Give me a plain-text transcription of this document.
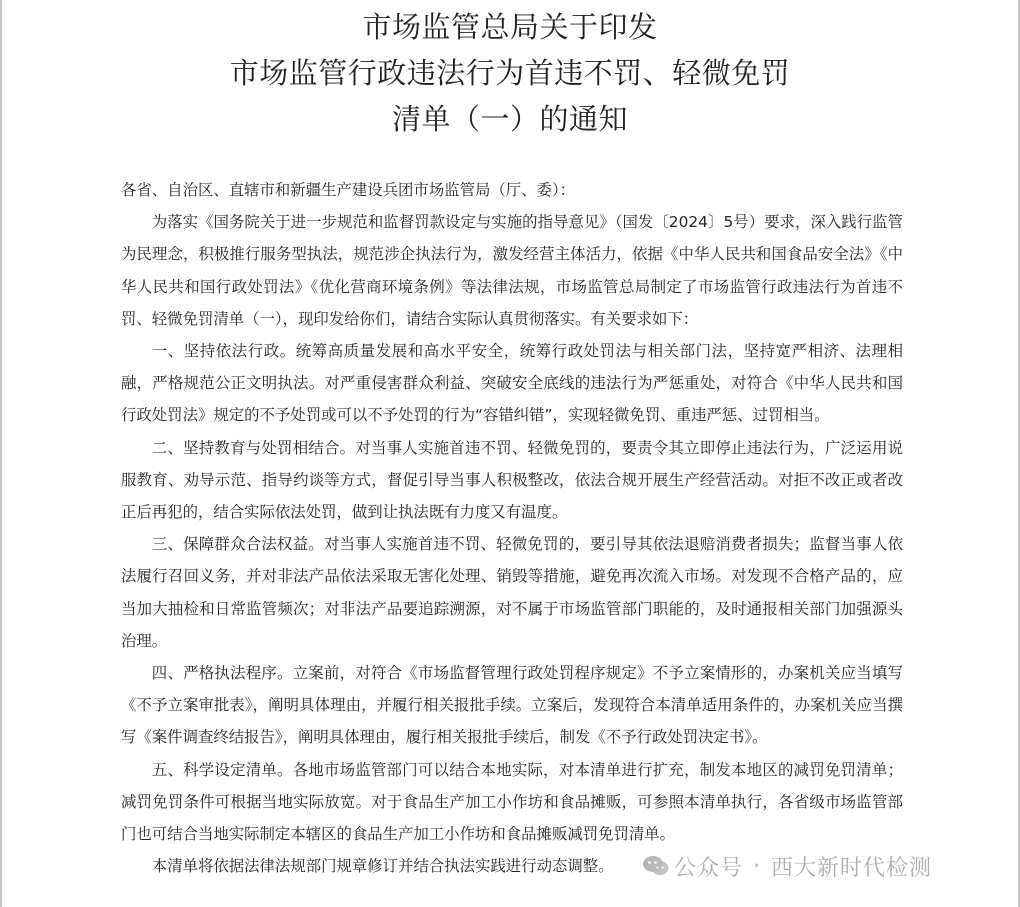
市场监管总局关于印发
市场监管行政违法行为首违不罚、轻微免罚
清单（一）的通知

各省、自治区、直辖市和新疆生产建设兵团市场监管局（厅、委）：

为落实《国务院关于进一步规范和监督罚款设定与实施的指导意见》（国发〔2024〕5号）要求，深入践行监管为民理念，积极推行服务型执法，规范涉企执法行为，激发经营主体活力，依据《中华人民共和国食品安全法》《中华人民共和国行政处罚法》《优化营商环境条例》等法律法规，市场监管总局制定了市场监管行政违法行为首违不罚、轻微免罚清单（一），现印发给你们，请结合实际认真贯彻落实。有关要求如下：

一、坚持依法行政。统筹高质量发展和高水平安全，统筹行政处罚法与相关部门法，坚持宽严相济、法理相融，严格规范公正文明执法。对严重侵害群众利益、突破安全底线的违法行为严惩重处，对符合《中华人民共和国行政处罚法》规定的不予处罚或可以不予处罚的行为“容错纠错”，实现轻微免罚、重违严惩、过罚相当。

二、坚持教育与处罚相结合。对当事人实施首违不罚、轻微免罚的，要责令其立即停止违法行为，广泛运用说服教育、劝导示范、指导约谈等方式，督促引导当事人积极整改，依法合规开展生产经营活动。对拒不改正或者改正后再犯的，结合实际依法处罚，做到让执法既有力度又有温度。

三、保障群众合法权益。对当事人实施首违不罚、轻微免罚的，要引导其依法退赔消费者损失；监督当事人依法履行召回义务，并对非法产品依法采取无害化处理、销毁等措施，避免再次流入市场。对发现不合格产品的，应当加大抽检和日常监管频次；对非法产品要追踪溯源，对不属于市场监管部门职能的，及时通报相关部门加强源头治理。

四、严格执法程序。立案前，对符合《市场监督管理行政处罚程序规定》不予立案情形的，办案机关应当填写《不予立案审批表》，阐明具体理由，并履行相关报批手续。立案后，发现符合本清单适用条件的，办案机关应当撰写《案件调查终结报告》，阐明具体理由，履行相关报批手续后，制发《不予行政处罚决定书》。

五、科学设定清单。各地市场监管部门可以结合本地实际，对本清单进行扩充，制发本地区的减罚免罚清单；减罚免罚条件可根据当地实际放宽。对于食品生产加工小作坊和食品摊贩，可参照本清单执行，各省级市场监管部门也可结合当地实际制定本辖区的食品生产加工小作坊和食品摊贩减罚免罚清单。

本清单将依据法律法规部门规章修订并结合执法实践进行动态调整。	公众号 · 西大新时代检测
